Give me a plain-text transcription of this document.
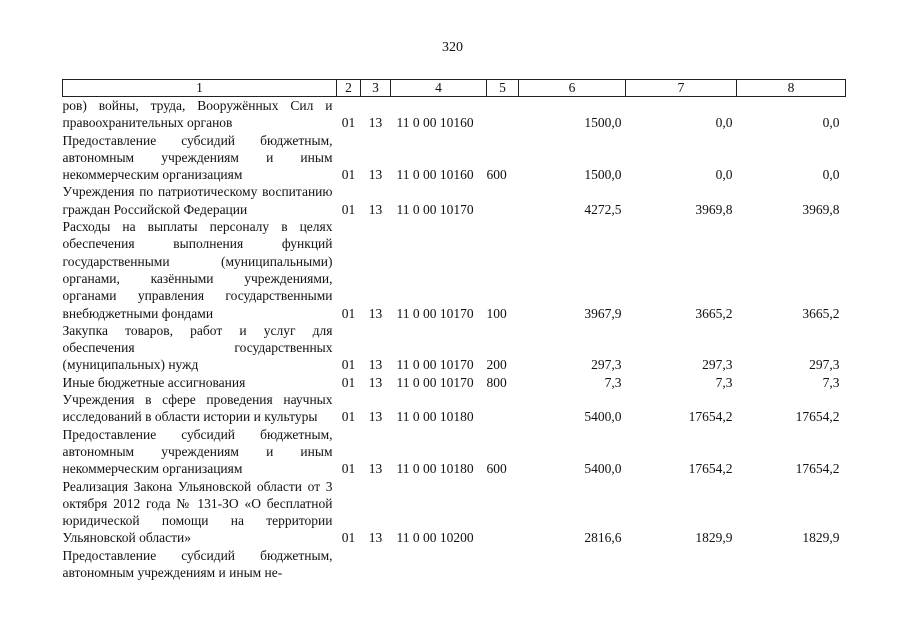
320
1	2	3	4	5	6	7	8
ров) войны, труда, Вооружённых Сил и правоохранительных органов	01	13	11 0 00 10160		1500,0	0,0	0,0
Предоставление субсидий бюджетным, автономным учреждениям и иным некоммерческим организациям	01	13	11 0 00 10160	600	1500,0	0,0	0,0
Учреждения по патриотическому воспитанию граждан Российской Федерации	01	13	11 0 00 10170		4272,5	3969,8	3969,8
Расходы на выплаты персоналу в целях обеспечения выполнения функций государственными (муниципальными) органами, казёнными учреждениями, органами управления государственными внебюджетными фондами	01	13	11 0 00 10170	100	3967,9	3665,2	3665,2
Закупка товаров, работ и услуг для обеспечения государственных (муниципальных) нужд	01	13	11 0 00 10170	200	297,3	297,3	297,3
Иные бюджетные ассигнования	01	13	11 0 00 10170	800	7,3	7,3	7,3
Учреждения в сфере проведения научных исследований в области истории и культуры	01	13	11 0 00 10180		5400,0	17654,2	17654,2
Предоставление субсидий бюджетным, автономным учреждениям и иным некоммерческим организациям	01	13	11 0 00 10180	600	5400,0	17654,2	17654,2
Реализация Закона Ульяновской области от 3 октября 2012 года № 131-ЗО «О бесплатной юридической помощи на территории Ульяновской области»	01	13	11 0 00 10200		2816,6	1829,9	1829,9
Предоставление субсидий бюджетным, автономным учреждениям и иным не-							
